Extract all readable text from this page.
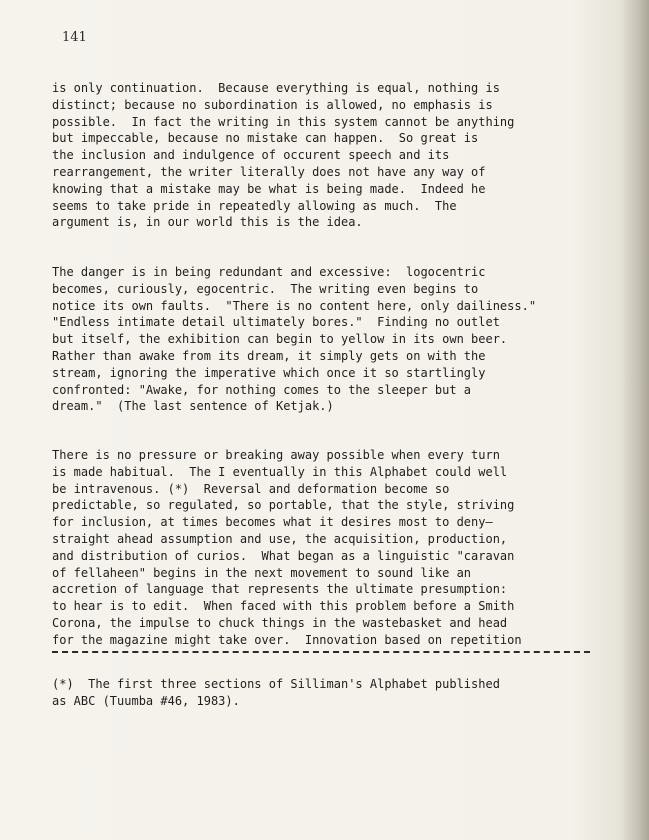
141
is only continuation.  Because everything is equal, nothing is
distinct; because no subordination is allowed, no emphasis is
possible.  In fact the writing in this system cannot be anything
but impeccable, because no mistake can happen.  So great is
the inclusion and indulgence of occurent speech and its
rearrangement, the writer literally does not have any way of
knowing that a mistake may be what is being made.  Indeed he
seems to take pride in repeatedly allowing as much.  The
argument is, in our world this is the idea.
The danger is in being redundant and excessive:  logocentric
becomes, curiously, egocentric.  The writing even begins to
notice its own faults.  "There is no content here, only dailiness."
"Endless intimate detail ultimately bores."  Finding no outlet
but itself, the exhibition can begin to yellow in its own beer.
Rather than awake from its dream, it simply gets on with the
stream, ignoring the imperative which once it so startlingly
confronted: "Awake, for nothing comes to the sleeper but a
dream."  (The last sentence of Ketjak.)
There is no pressure or breaking away possible when every turn
is made habitual.  The I eventually in this Alphabet could well
be intravenous. (*)  Reversal and deformation become so
predictable, so regulated, so portable, that the style, striving
for inclusion, at times becomes what it desires most to deny—
straight ahead assumption and use, the acquisition, production,
and distribution of curios.  What began as a linguistic "caravan
of fellaheen" begins in the next movement to sound like an
accretion of language that represents the ultimate presumption:
to hear is to edit.  When faced with this problem before a Smith
Corona, the impulse to chuck things in the wastebasket and head
for the magazine might take over.  Innovation based on repetition
(*)  The first three sections of Silliman's Alphabet published
as ABC (Tuumba #46, 1983).
